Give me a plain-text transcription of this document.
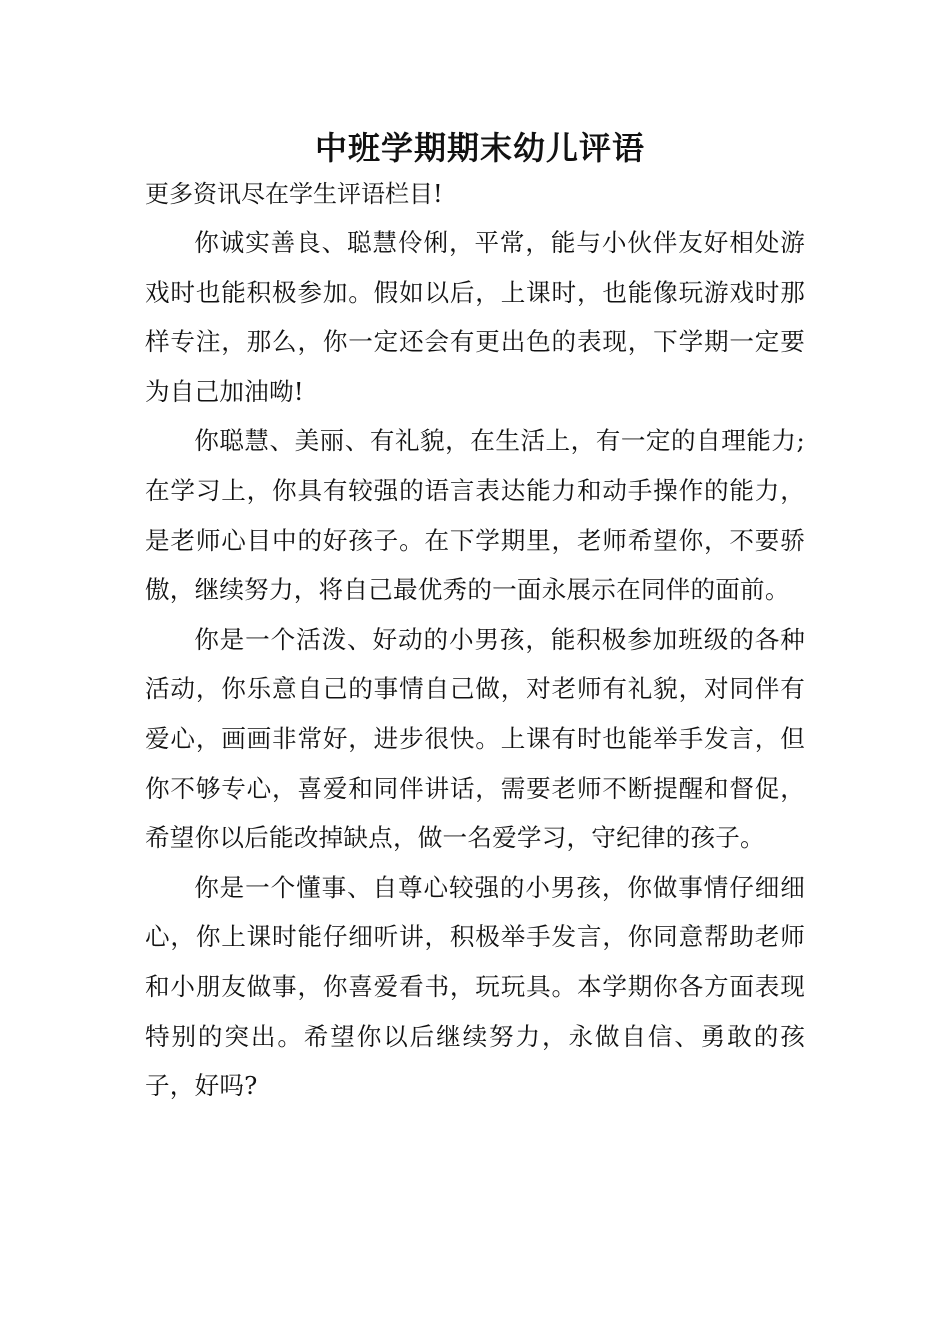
中班学期期末幼儿评语

更多资讯尽在学生评语栏目!

你诚实善良、聪慧伶俐，平常，能与小伙伴友好相处游戏时也能积极参加。假如以后，上课时，也能像玩游戏时那样专注，那么，你一定还会有更出色的表现，下学期一定要为自己加油呦!

你聪慧、美丽、有礼貌，在生活上，有一定的自理能力;在学习上，你具有较强的语言表达能力和动手操作的能力，是老师心目中的好孩子。在下学期里，老师希望你，不要骄傲，继续努力，将自己最优秀的一面永展示在同伴的面前。

你是一个活泼、好动的小男孩，能积极参加班级的各种活动，你乐意自己的事情自己做，对老师有礼貌，对同伴有爱心，画画非常好，进步很快。上课有时也能举手发言，但你不够专心，喜爱和同伴讲话，需要老师不断提醒和督促，希望你以后能改掉缺点，做一名爱学习，守纪律的孩子。

你是一个懂事、自尊心较强的小男孩，你做事情仔细细心，你上课时能仔细听讲，积极举手发言，你同意帮助老师和小朋友做事，你喜爱看书，玩玩具。本学期你各方面表现特别的突出。希望你以后继续努力，永做自信、勇敢的孩子，好吗?
